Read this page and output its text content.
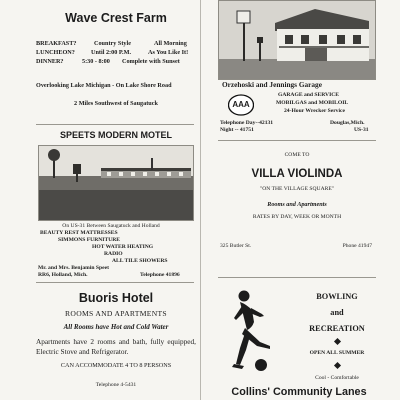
Wave Crest Farm
BREAKFAST?	Country Style	All Morning
LUNCHEON?	Until 2:00 P.M.	As You Like It!
DINNER?	5:30 - 8:00 Complete with Sunset
Overlooking Lake Michigan - On Lake Shore Road
2 Miles Southwest of Saugatuck
SPEETS MODERN MOTEL
On US-31 Between Saugatuck and Holland
BEAUTY REST MATTRESSES
SIMMONS FURNITURE
HOT WATER HEATING
RADIO
ALL TILE SHOWERS
Mr. and Mrs. Benjamin Speet
RR6, Holland, Mich.	Telephone 41896
Buoris Hotel
ROOMS AND APARTMENTS
All Rooms have Hot and Cold Water
Apartments have 2 rooms and bath, fully equipped, Electric Stove and Refrigerator.
CAN ACCOMMODATE 4 TO 8 PERSONS
Telephone 4-5431
Orzehoski and Jennings Garage
AAA
GARAGE and SERVICE
MOBILGAS and MOBILOIL
24-Hour Wrecker Service
Telephone Day--42131	Douglas,Mich.
Night -- 41751	US-31
COME TO
VILLA VIOLINDA
"ON THE VILLAGE SQUARE"
Rooms and Apartments
RATES BY DAY, WEEK OR MONTH
325 Butler St.	Phone 41947
BOWLING
and
RECREATION
OPEN ALL SUMMER
Cool - Comfortable
Collins' Community Lanes
